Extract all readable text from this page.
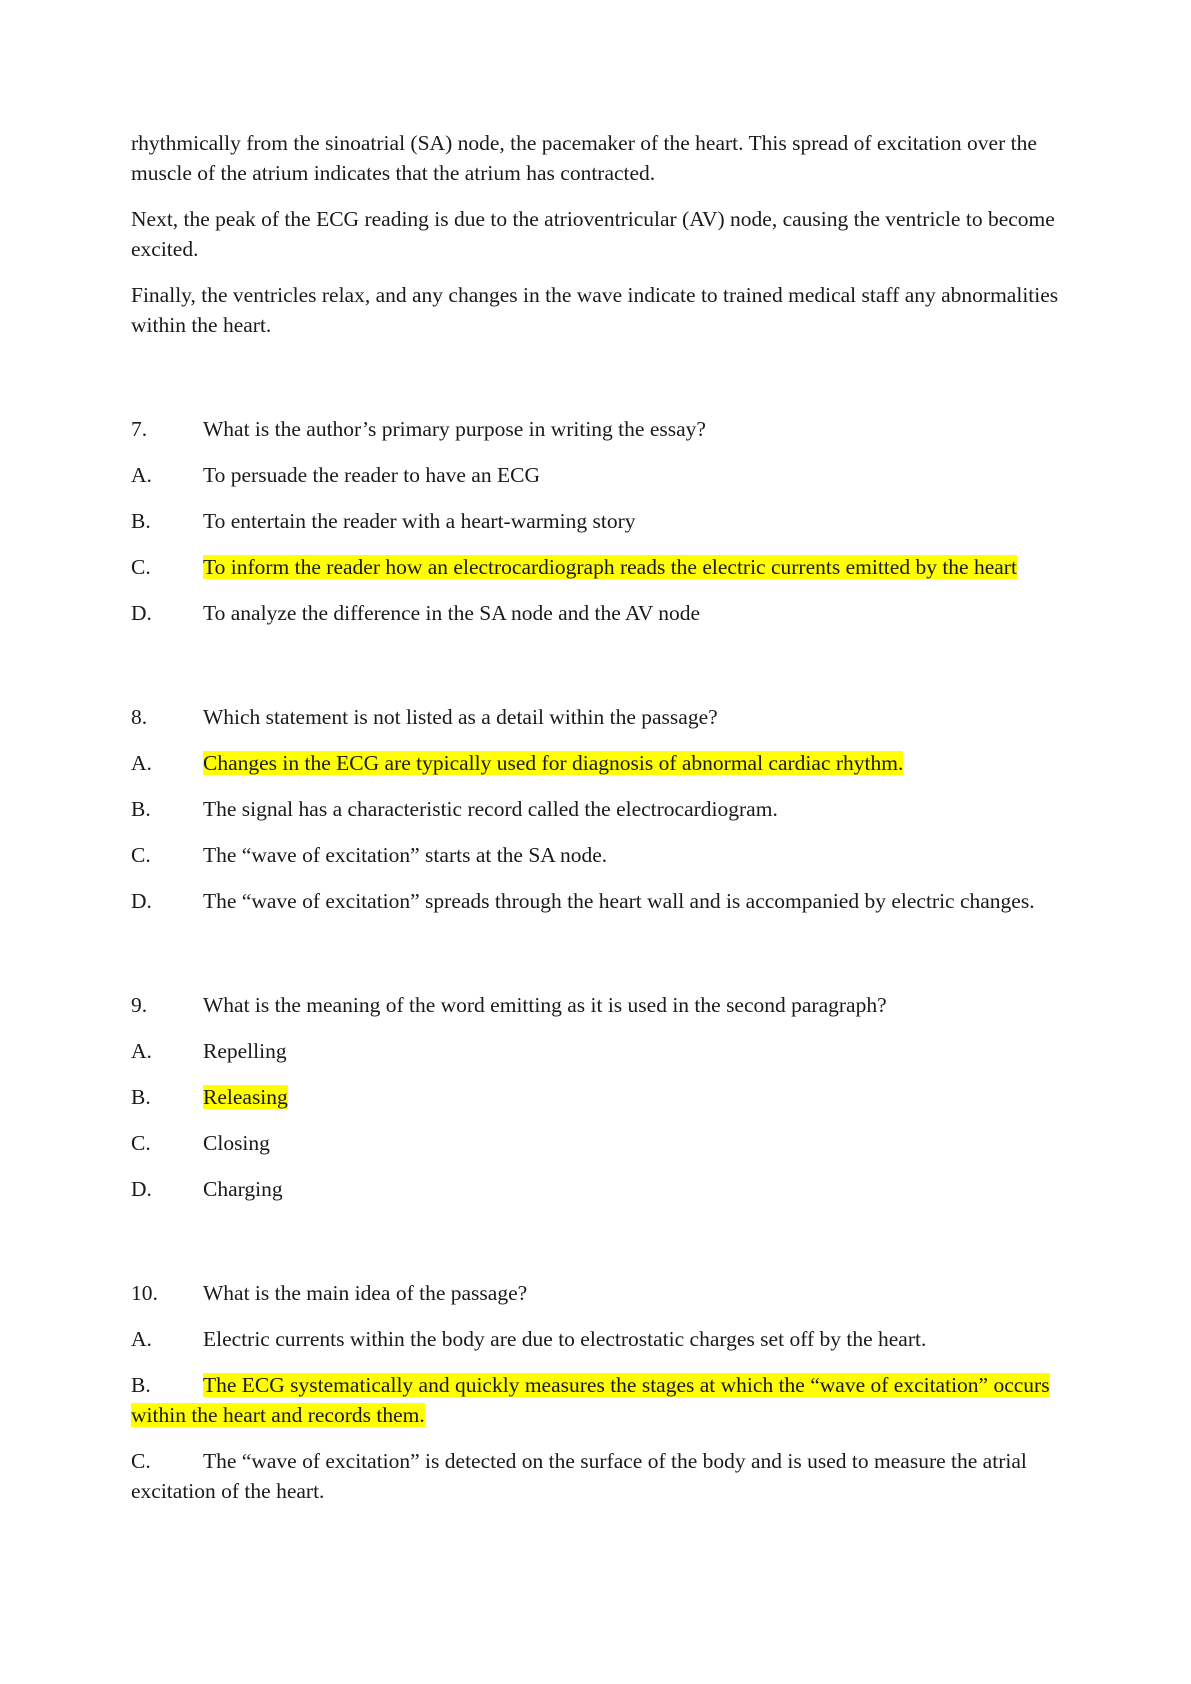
rhythmically from the sinoatrial (SA) node, the pacemaker of the heart. This spread of excitation over the muscle of the atrium indicates that the atrium has contracted.

Next, the peak of the ECG reading is due to the atrioventricular (AV) node, causing the ventricle to become excited.

Finally, the ventricles relax, and any changes in the wave indicate to trained medical staff any abnormalities within the heart.

7.	What is the author’s primary purpose in writing the essay?

A. To persuade the reader to have an ECG

B. To entertain the reader with a heart-warming story

C. To inform the reader how an electrocardiograph reads the electric currents emitted by the heart

D. To analyze the difference in the SA node and the AV node

8.	Which statement is not listed as a detail within the passage?

A. Changes in the ECG are typically used for diagnosis of abnormal cardiac rhythm.

B. The signal has a characteristic record called the electrocardiogram.

C. The “wave of excitation” starts at the SA node.

D. The “wave of excitation” spreads through the heart wall and is accompanied by electric changes.

9.	What is the meaning of the word emitting as it is used in the second paragraph?

A. Repelling

B. Releasing

C. Closing

D. Charging

10. What is the main idea of the passage?

A. Electric currents within the body are due to electrostatic charges set off by the heart.

B. The ECG systematically and quickly measures the stages at which the “wave of excitation” occurs within the heart and records them.

C. The “wave of excitation” is detected on the surface of the body and is used to measure the atrial excitation of the heart.
